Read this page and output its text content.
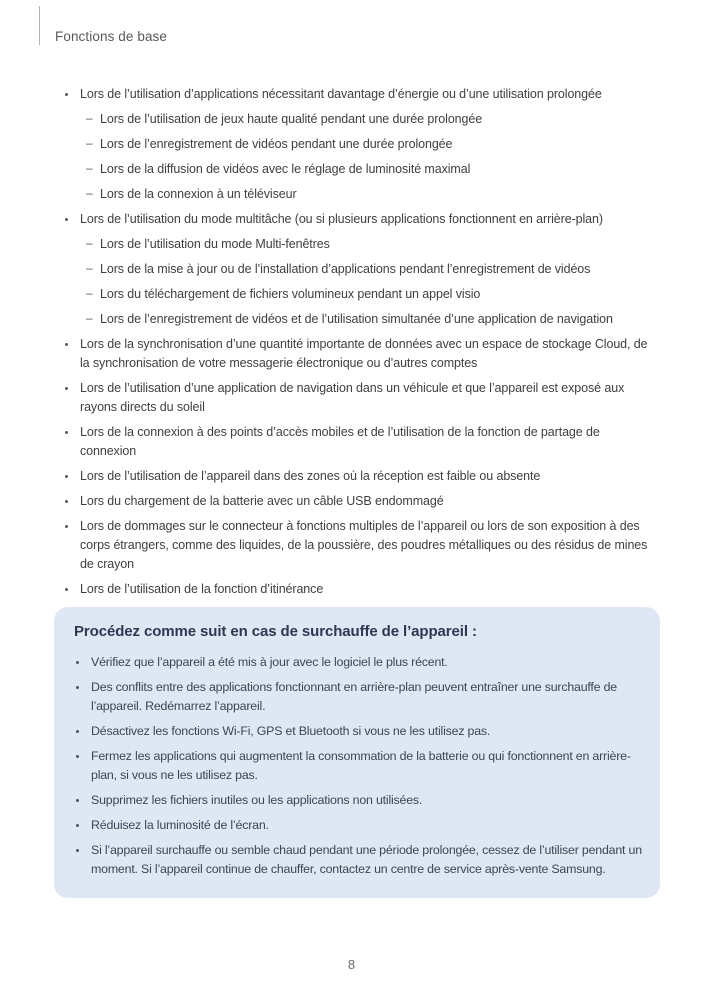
Fonctions de base
Lors de l’utilisation d’applications nécessitant davantage d’énergie ou d’une utilisation prolongée
–
Lors de l’utilisation de jeux haute qualité pendant une durée prolongée
–
Lors de l’enregistrement de vidéos pendant une durée prolongée
–
Lors de la diffusion de vidéos avec le réglage de luminosité maximal
–
Lors de la connexion à un téléviseur
Lors de l’utilisation du mode multitâche (ou si plusieurs applications fonctionnent en arrière-plan)
–
Lors de l’utilisation du mode Multi-fenêtres
–
Lors de la mise à jour ou de l’installation d’applications pendant l’enregistrement de vidéos
–
Lors du téléchargement de fichiers volumineux pendant un appel visio
–
Lors de l’enregistrement de vidéos et de l’utilisation simultanée d’une application de navigation
Lors de la synchronisation d’une quantité importante de données avec un espace de stockage Cloud, de la synchronisation de votre messagerie électronique ou d’autres comptes
Lors de l’utilisation d’une application de navigation dans un véhicule et que l’appareil est exposé aux rayons directs du soleil
Lors de la connexion à des points d’accès mobiles et de l’utilisation de la fonction de partage de connexion
Lors de l’utilisation de l’appareil dans des zones où la réception est faible ou absente
Lors du chargement de la batterie avec un câble USB endommagé
Lors de dommages sur le connecteur à fonctions multiples de l’appareil ou lors de son exposition à des corps étrangers, comme des liquides, de la poussière, des poudres métalliques ou des résidus de mines de crayon
Lors de l’utilisation de la fonction d’itinérance
Procédez comme suit en cas de surchauffe de l’appareil :
Vérifiez que l’appareil a été mis à jour avec le logiciel le plus récent.
Des conflits entre des applications fonctionnant en arrière-plan peuvent entraîner une surchauffe de l’appareil. Redémarrez l’appareil.
Désactivez les fonctions Wi-Fi, GPS et Bluetooth si vous ne les utilisez pas.
Fermez les applications qui augmentent la consommation de la batterie ou qui fonctionnent en arrière-plan, si vous ne les utilisez pas.
Supprimez les fichiers inutiles ou les applications non utilisées.
Réduisez la luminosité de l’écran.
Si l’appareil surchauffe ou semble chaud pendant une période prolongée, cessez de l’utiliser pendant un moment. Si l’appareil continue de chauffer, contactez un centre de service après-vente Samsung.
8
